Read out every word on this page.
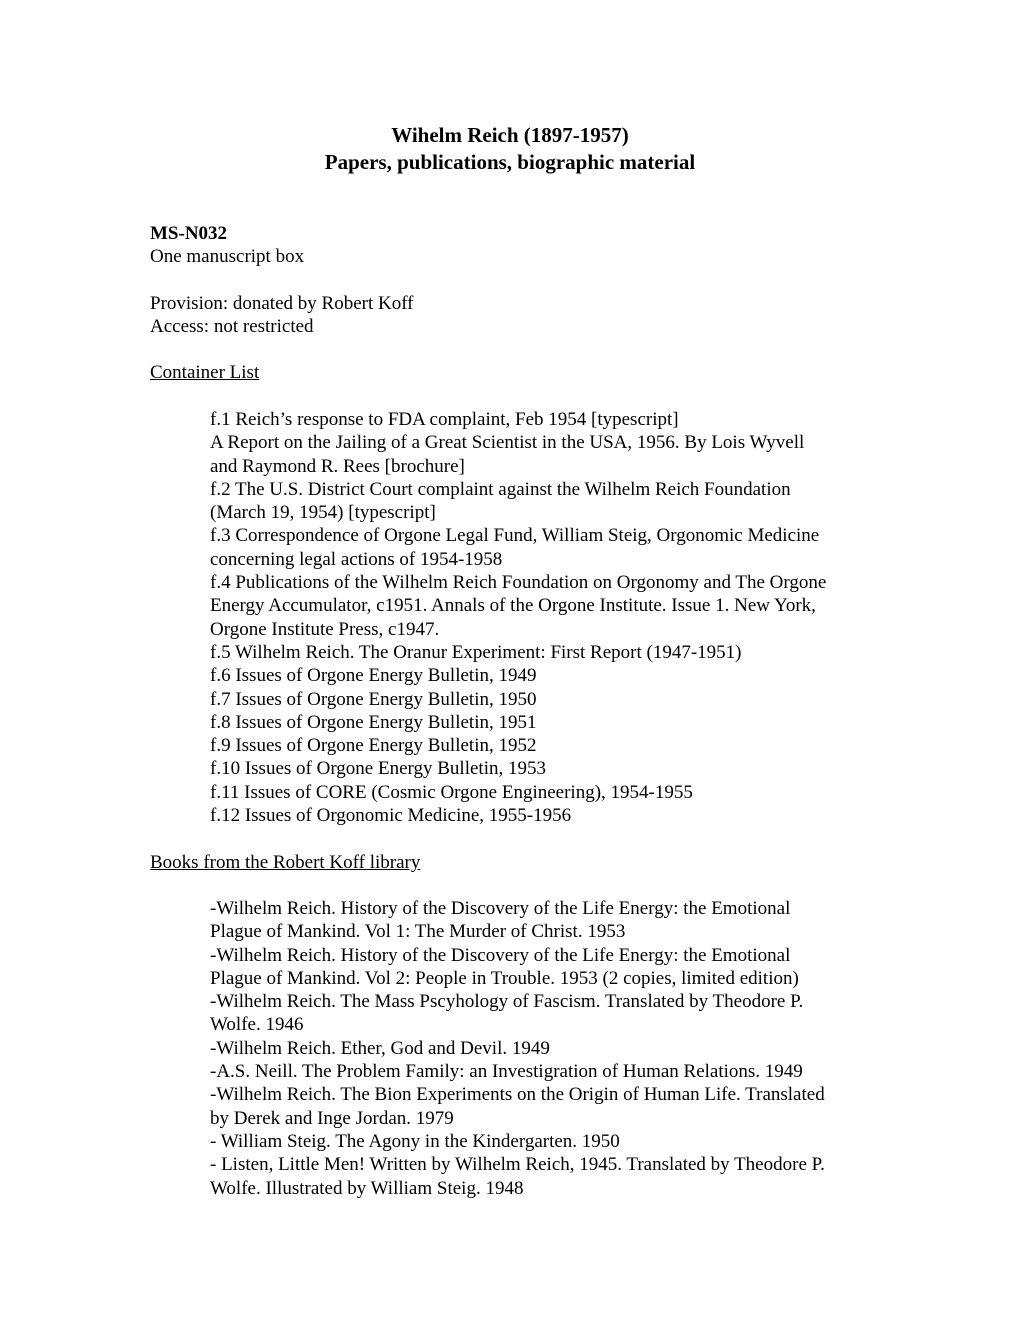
Wihelm Reich (1897-1957)
Papers, publications, biographic material
MS-N032
One manuscript box
Provision: donated by Robert Koff
Access: not restricted
Container List
f.1 Reich’s response to FDA complaint, Feb 1954 [typescript]
A Report on the Jailing of a Great Scientist in the USA, 1956. By Lois Wyvell
and Raymond R. Rees [brochure]
f.2 The U.S. District Court complaint against the Wilhelm Reich Foundation
(March 19, 1954) [typescript]
f.3 Correspondence of Orgone Legal Fund, William Steig, Orgonomic Medicine
concerning legal actions of 1954-1958
f.4 Publications of the Wilhelm Reich Foundation on Orgonomy and The Orgone
Energy Accumulator, c1951. Annals of the Orgone Institute. Issue 1. New York,
Orgone Institute Press, c1947.
f.5 Wilhelm Reich. The Oranur Experiment: First Report (1947-1951)
f.6 Issues of Orgone Energy Bulletin, 1949
f.7 Issues of Orgone Energy Bulletin, 1950
f.8 Issues of Orgone Energy Bulletin, 1951
f.9 Issues of Orgone Energy Bulletin, 1952
f.10 Issues of Orgone Energy Bulletin, 1953
f.11 Issues of CORE (Cosmic Orgone Engineering), 1954-1955
f.12 Issues of Orgonomic Medicine, 1955-1956
Books from the Robert Koff library
-Wilhelm Reich. History of the Discovery of the Life Energy: the Emotional
Plague of Mankind. Vol 1: The Murder of Christ. 1953
-Wilhelm Reich. History of the Discovery of the Life Energy: the Emotional
Plague of Mankind. Vol 2: People in Trouble. 1953 (2 copies, limited edition)
-Wilhelm Reich. The Mass Pscyhology of Fascism. Translated by Theodore P.
Wolfe. 1946
-Wilhelm Reich. Ether, God and Devil. 1949
-A.S. Neill. The Problem Family: an Investigration of Human Relations. 1949
-Wilhelm Reich. The Bion Experiments on the Origin of Human Life. Translated
by Derek and Inge Jordan. 1979
- William Steig. The Agony in the Kindergarten. 1950
- Listen, Little Men! Written by Wilhelm Reich, 1945. Translated by Theodore P.
Wolfe. Illustrated by William Steig. 1948
